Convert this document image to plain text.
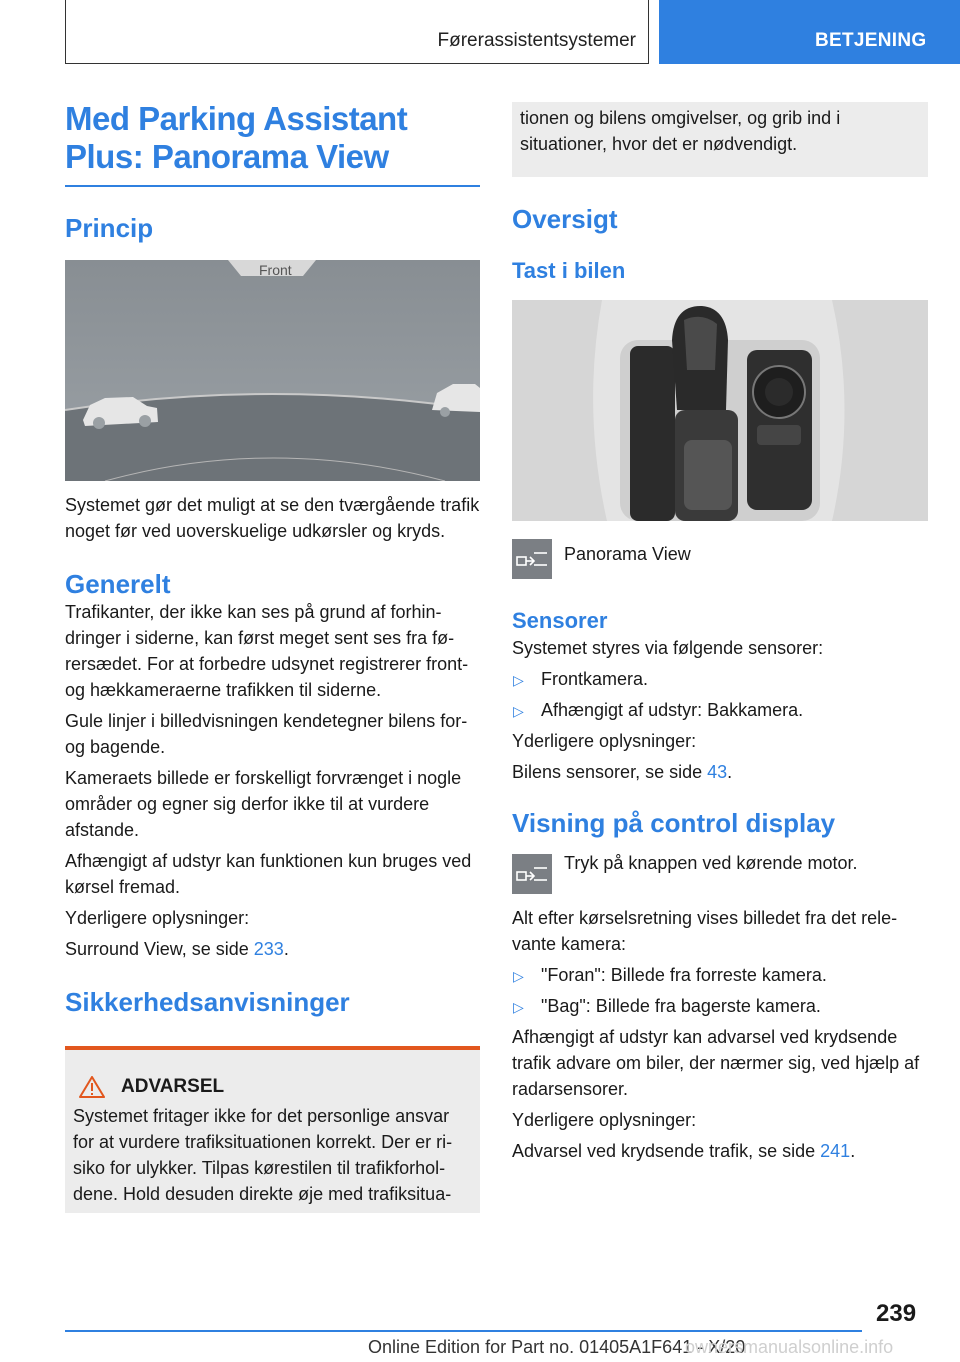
Førerassistentsystemer	BETJENING
Med Parking Assistant
Plus: Panorama View
Princip
Front

Systemet gør det muligt at se den tværgående trafik noget før ved uoverskuelige udkørsler og kryds.

Generelt

Trafikanter, der ikke kan ses på grund af forhindringer i siderne, kan først meget sent ses fra førersædet. For at forbedre udsynet registrerer front- og hækkameraerne trafikken til siderne.

Gule linjer i billedvisningen kendetegner bilens for- og bagende.

Kameraets billede er forskelligt forvrænget i nogle områder og egner sig derfor ikke til at vurdere afstande.

Afhængigt af udstyr kan funktionen kun bruges ved kørsel fremad.

Yderligere oplysninger:

Surround View, se side 233.

Sikkerhedsanvisninger
ADVARSEL

Systemet fritager ikke for det personlige ansvar for at vurdere trafiksituationen korrekt. Der er risiko for ulykker. Tilpas kørestilen til trafikforholdene. Hold desuden direkte øje med trafiksitua-

tionen og bilens omgivelser, og grib ind i situationer, hvor det er nødvendigt.

Oversigt
Tast i bilen
Panorama View
Sensorer

Systemet styres via følgende sensorer:

▷ Frontkamera.
▷ Afhængigt af udstyr: Bakkamera.

Yderligere oplysninger:

Bilens sensorer, se side 43.

Visning på control display
Tryk på knappen ved kørende motor.

Alt efter kørselsretning vises billedet fra det relevante kamera:

▷ "Foran": Billede fra forreste kamera.
▷ "Bag": Billede fra bagerste kamera.

Afhængigt af udstyr kan advarsel ved krydsende trafik advare om biler, der nærmer sig, ved hjælp af radarsensorer.

Yderligere oplysninger:

Advarsel ved krydsende trafik, se side 241.

239
Online Edition for Part no. 01405A1F641 - X/20
ownersmanualsonline.info
